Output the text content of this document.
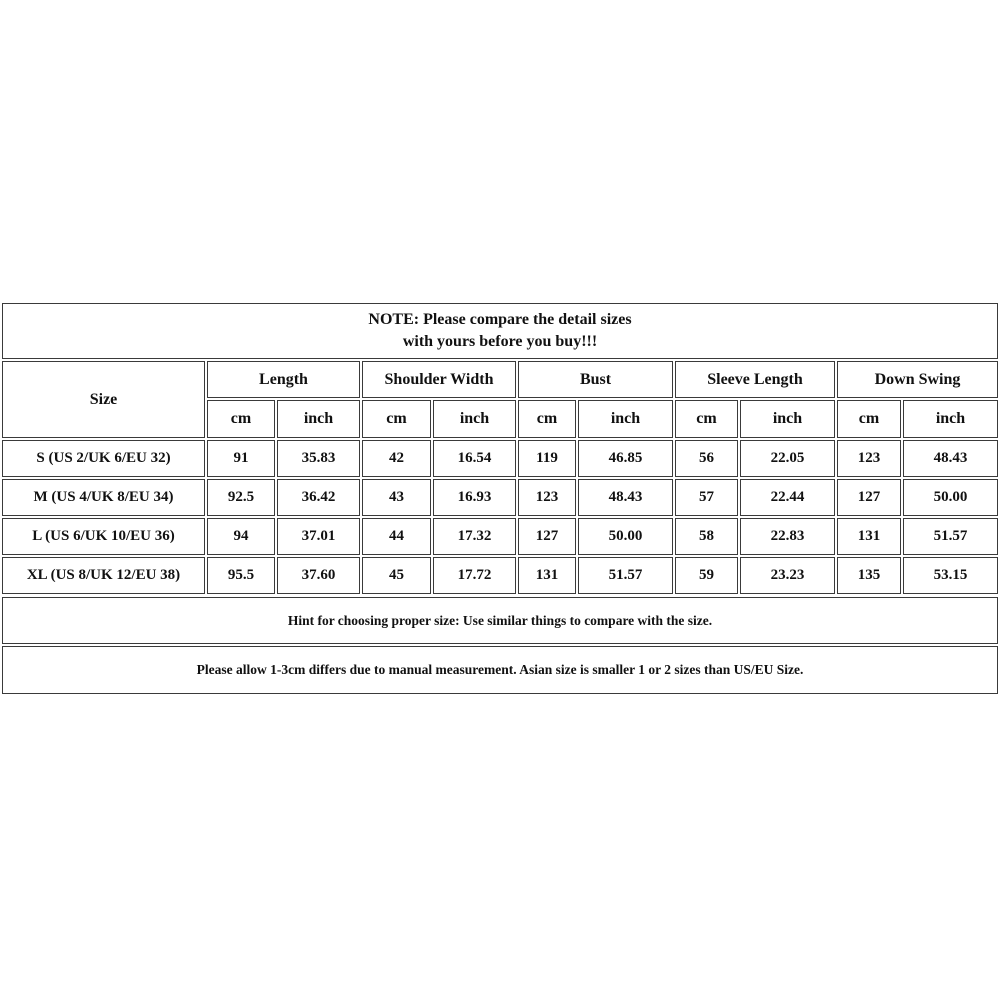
NOTE: Please compare the detail sizes
with yours before you buy!!!
Size
Length	Shoulder Width	Bust	Sleeve Length	Down Swing
cm	inch	cm	inch	cm	inch	cm	inch	cm	inch
S (US 2/UK 6/EU 32)	91	35.83	42	16.54	119	46.85	56	22.05	123	48.43
M (US 4/UK 8/EU 34)	92.5	36.42	43	16.93	123	48.43	57	22.44	127	50.00
L (US 6/UK 10/EU 36)	94	37.01	44	17.32	127	50.00	58	22.83	131	51.57
XL (US 8/UK 12/EU 38)	95.5	37.60	45	17.72	131	51.57	59	23.23	135	53.15
Hint for choosing proper size: Use similar things to compare with the size.
Please allow 1-3cm differs due to manual measurement. Asian size is smaller 1 or 2 sizes than US/EU Size.
